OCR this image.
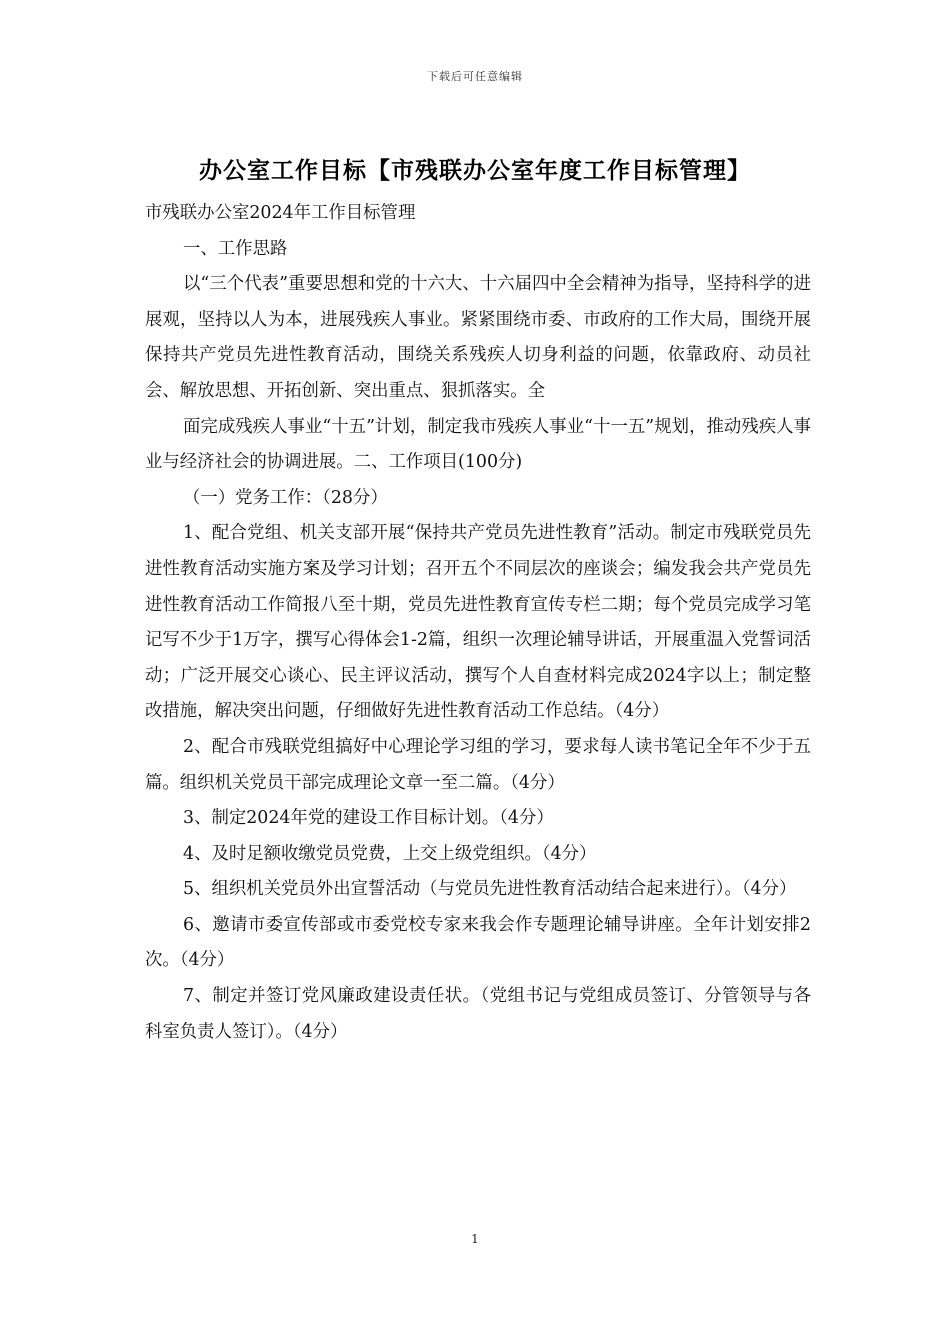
下载后可任意编辑
办公室工作目标【市残联办公室年度工作目标管理】

市残联办公室2024年工作目标管理

一、工作思路

以“三个代表”重要思想和党的十六大、十六届四中全会精神为指导，坚持科学的进展观，坚持以人为本，进展残疾人事业。紧紧围绕市委、市政府的工作大局，围绕开展保持共产党员先进性教育活动，围绕关系残疾人切身利益的问题，依靠政府、动员社会、解放思想、开拓创新、突出重点、狠抓落实。全

面完成残疾人事业“十五”计划，制定我市残疾人事业“十一五”规划，推动残疾人事业与经济社会的协调进展。二、工作项目(100分)

（一）党务工作：（28分）

1、配合党组、机关支部开展“保持共产党员先进性教育”活动。制定市残联党员先进性教育活动实施方案及学习计划；召开五个不同层次的座谈会；编发我会共产党员先进性教育活动工作简报八至十期，党员先进性教育宣传专栏二期；每个党员完成学习笔记写不少于1万字，撰写心得体会1-2篇，组织一次理论辅导讲话，开展重温入党誓词活动；广泛开展交心谈心、民主评议活动，撰写个人自查材料完成2024字以上；制定整改措施，解决突出问题，仔细做好先进性教育活动工作总结。（4分）

2、配合市残联党组搞好中心理论学习组的学习，要求每人读书笔记全年不少于五篇。组织机关党员干部完成理论文章一至二篇。（4分）

3、制定2024年党的建设工作目标计划。（4分）

4、及时足额收缴党员党费，上交上级党组织。（4分）

5、组织机关党员外出宣誓活动（与党员先进性教育活动结合起来进行）。（4分）

6、邀请市委宣传部或市委党校专家来我会作专题理论辅导讲座。全年计划安排2次。（4分）

7、制定并签订党风廉政建设责任状。（党组书记与党组成员签订、分管领导与各科室负责人签订）。（4分）

1
